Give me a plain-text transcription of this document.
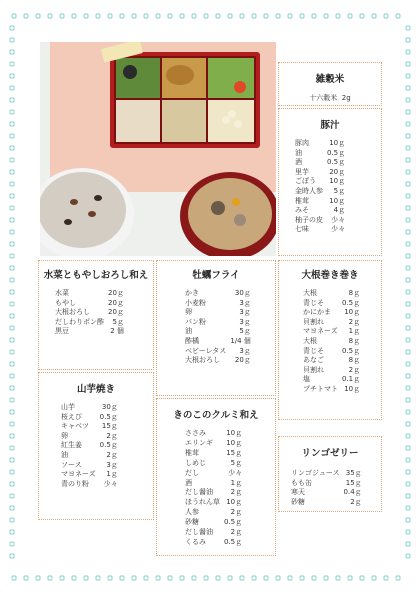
雑穀米
十六穀米 2g
豚汁
豚肉	10ｇ
油	0.5ｇ
酒	0.5ｇ
里芋	20ｇ
ごぼう	10ｇ
金時人参	5ｇ
椎茸	10ｇ
みそ	4ｇ
柚子の皮	少々
七味	少々
水菜ともやしおろし和え
水菜	20ｇ
もやし	20ｇ
大根おろし	20ｇ
だしわりポン酢	5ｇ
黒豆	2 個
山芋焼き
山芋	30ｇ
桜えび	0.5ｇ
キャベツ	15ｇ
卵	2ｇ
紅生姜	0.5ｇ
油	2ｇ
ソース	3ｇ
マヨネーズ	1ｇ
青のり粉	少々
牡蠣フライ
かき	30ｇ
小麦粉	3ｇ
卵	3ｇ
パン粉	3ｇ
油	5ｇ
酢橘	1/4 個
ベビーレタス	3ｇ
大根おろし	20ｇ
きのこのクルミ和え
ささみ	10ｇ
エリンギ	10ｇ
椎茸	15ｇ
しめじ	5ｇ
だし	少々
酒	1ｇ
だし醤油	2ｇ
ほうれん草	10ｇ
人参	2ｇ
砂糖	0.5ｇ
だし醤油	2ｇ
くるみ	0.5ｇ
大根巻き巻き
大根	8ｇ
青じそ	0.5ｇ
かにかま	10ｇ
貝割れ	2ｇ
マヨネーズ	1ｇ
大根	8ｇ
青じそ	0.5ｇ
あなご	8ｇ
貝割れ	2ｇ
塩	0.1ｇ
プチトマト	10ｇ
リンゴゼリー
リンゴジュース	35ｇ
もも缶	15ｇ
寒天	0.4ｇ
砂糖	2ｇ
